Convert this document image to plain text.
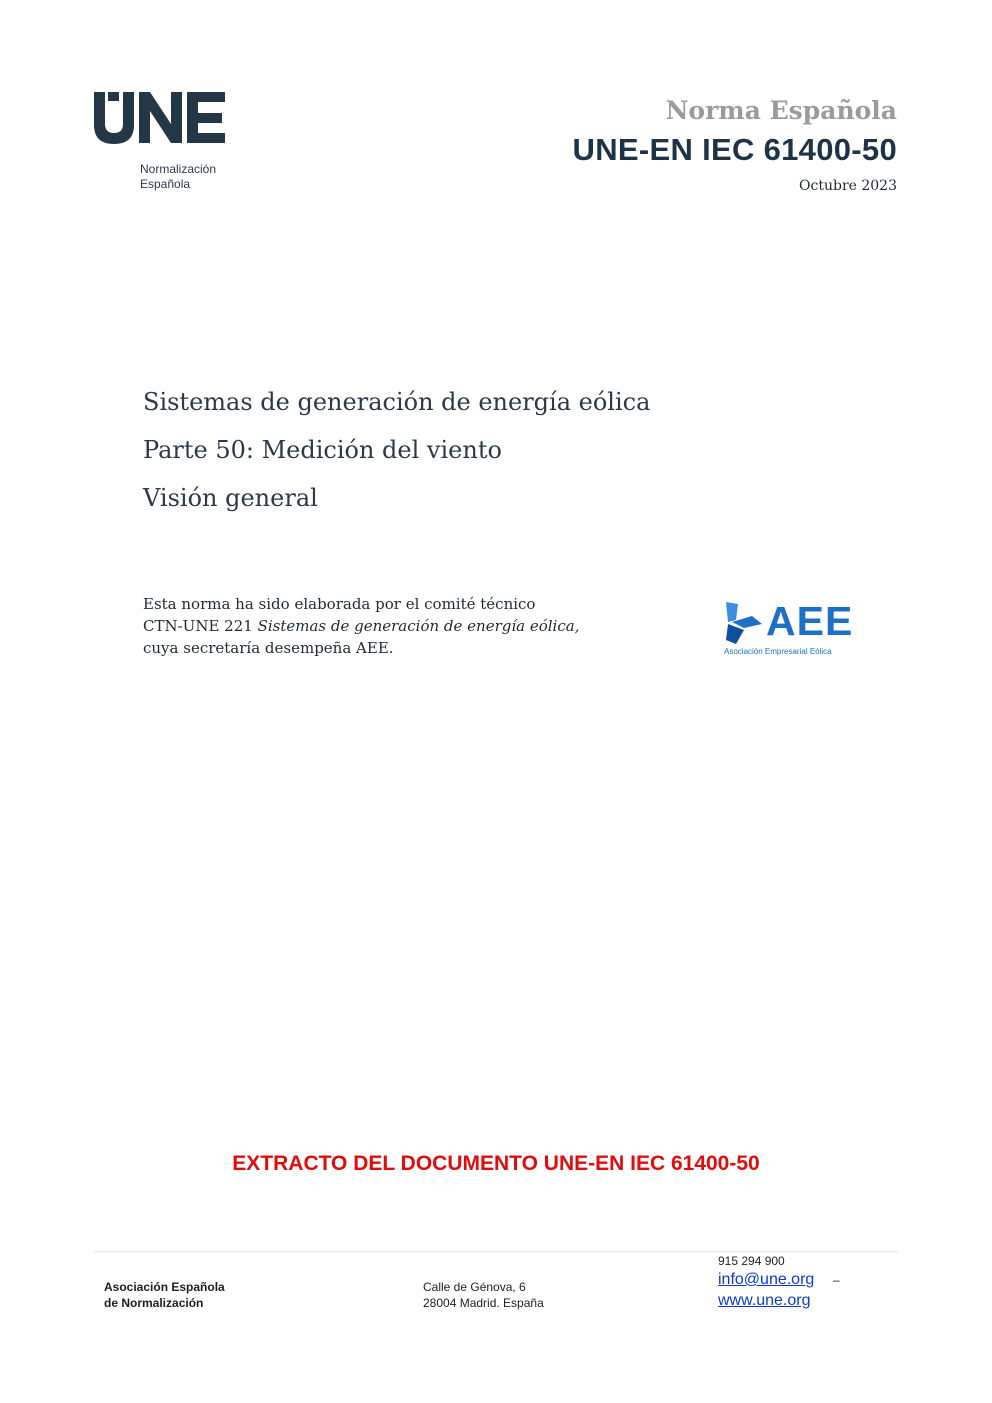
Normalización
Española
Norma Española
UNE-EN IEC 61400-50
Octubre 2023
Sistemas de generación de energía eólica
Parte 50: Medición del viento
Visión general
Esta norma ha sido elaborada por el comité técnico
CTN-UNE 221 Sistemas de generación de energía eólica,
cuya secretaría desempeña AEE.
AEE
Asociación Empresarial Eólica
EXTRACTO DEL DOCUMENTO UNE-EN IEC 61400-50
Asociación Española
de Normalización
Calle de Génova, 6
28004 Madrid. España
915 294 900
info@une.org –
www.une.org
